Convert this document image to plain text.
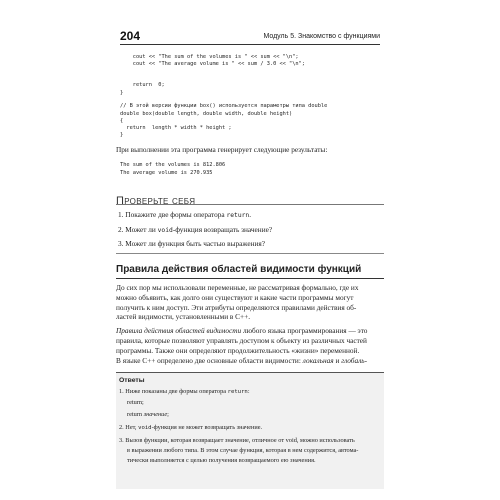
204	Модуль 5. Знакомство с функциями
cout << "The sum of the volumes is " << sum << "\n";
cout << "The average volume is " << sum / 3.0 << "\n";
return  0;
}
// В этой версии функции box() используется параметры типа double
double box(double length, double width, double height)
{
return  length * width * height ;
}

При выполнении эта программа генерирует следующие результаты:

The sum of the volumes is 812.806
The average volume is 270.935
Проверьте себя
1. Покажите две формы оператора return.
2. Может ли void-функция возвращать значение?
3. Может ли функция быть частью выражения?
Правила действия областей видимости функций

До сих пор мы использовали переменные, не рассматривая формально, где их

можно объявить, как долго они существуют и какие части программы могут

получить к ним доступ. Эти атрибуты определяются правилами действия об-

ластей видимости, установленными в C++.

Правила действия областей видимости любого языка программирования — это

правила, которые позволяют управлять доступом к объекту из различных частей

программы. Также они определяют продолжительность «жизни» переменной.

В языке C++ определено две основные области видимости: локальная и глобаль-

Ответы
1. Ниже показаны две формы оператора return:
return;
return значение;
2. Нет, void-функция не может возвращать значение.
3. Вызов функции, которая возвращает значение, отличное от void, можно использовать
в выражении любого типа. В этом случае функция, которая в нем содержится, автома-
тически выполняется с целью получения возвращаемого ею значения.
